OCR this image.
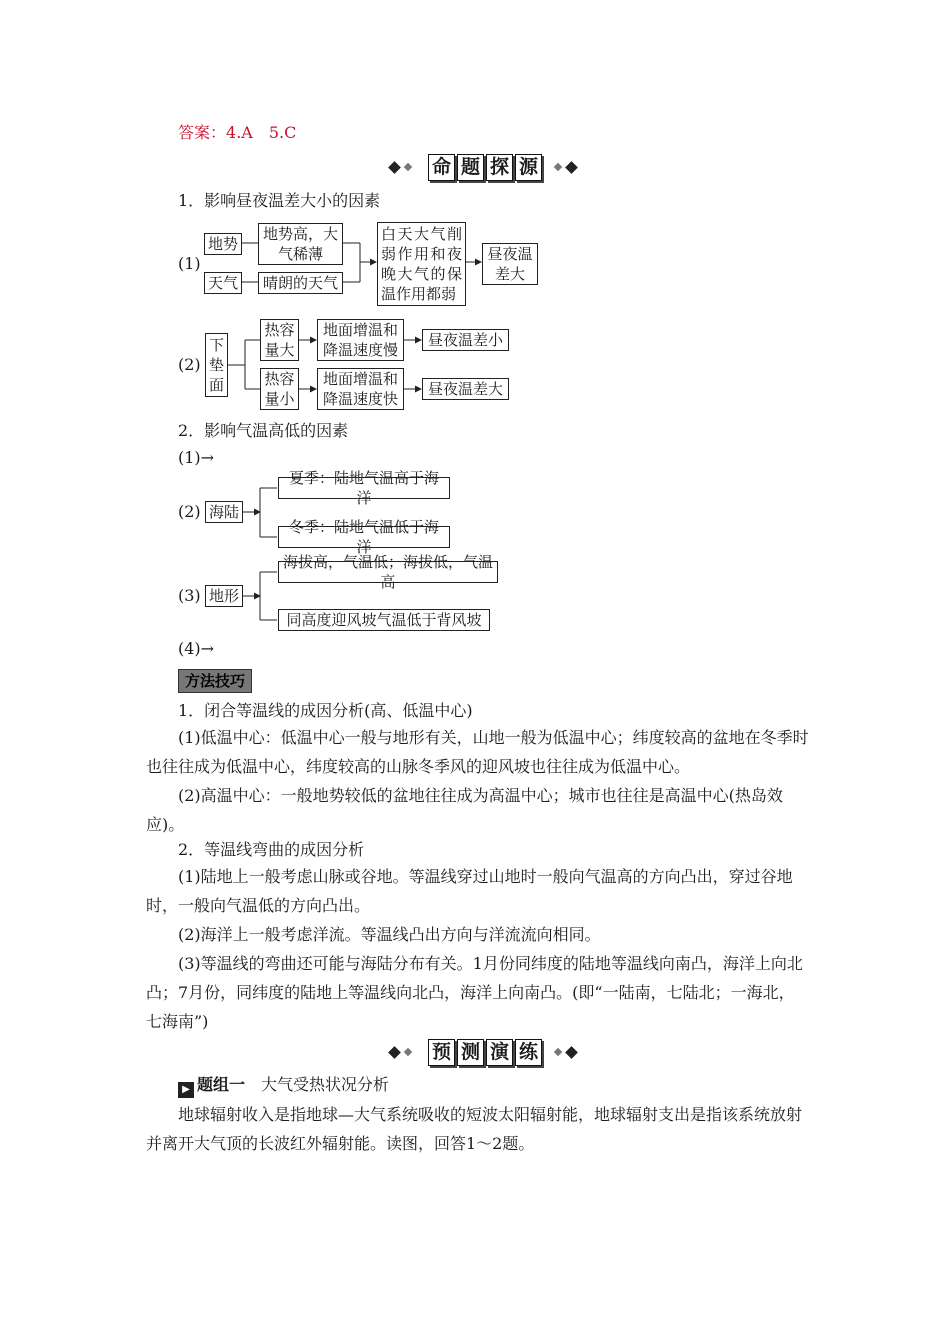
答案：4.A　5.C
命 题 探 源
1．影响昼夜温差大小的因素
(1)
地势
地势高，大气稀薄
天气	晴朗的天气
白天大气削弱作用和夜晚大气的保温作用都弱
昼夜温差大
(2)
下垫面
热容量大
地面增温和降温速度慢
昼夜温差小
热容量小
地面增温和降温速度快
昼夜温差大
2．影响气温高低的因素
(1)→
(2) 海陆
夏季：陆地气温高于海洋
冬季：陆地气温低于海洋
(3) 地形
海拔高，气温低；海拔低，气温高
同高度迎风坡气温低于背风坡
(4)→
方法技巧
1．闭合等温线的成因分析(高、低温中心)

(1)低温中心：低温中心一般与地形有关，山地一般为低温中心；纬度较高的盆地在冬季时也往往成为低温中心，纬度较高的山脉冬季风的迎风坡也往往成为低温中心。

(2)高温中心：一般地势较低的盆地往往成为高温中心；城市也往往是高温中心(热岛效应)。

2．等温线弯曲的成因分析

(1)陆地上一般考虑山脉或谷地。等温线穿过山地时一般向气温高的方向凸出，穿过谷地时，一般向气温低的方向凸出。

(2)海洋上一般考虑洋流。等温线凸出方向与洋流流向相同。

(3)等温线的弯曲还可能与海陆分布有关。1月份同纬度的陆地等温线向南凸，海洋上向北凸；7月份，同纬度的陆地上等温线向北凸，海洋上向南凸。(即“一陆南，七陆北；一海北，七海南”)

预 测 演 练
▶ 题组一 大气受热状况分析

地球辐射收入是指地球—大气系统吸收的短波太阳辐射能，地球辐射支出是指该系统放射并离开大气顶的长波红外辐射能。读图，回答1～2题。
